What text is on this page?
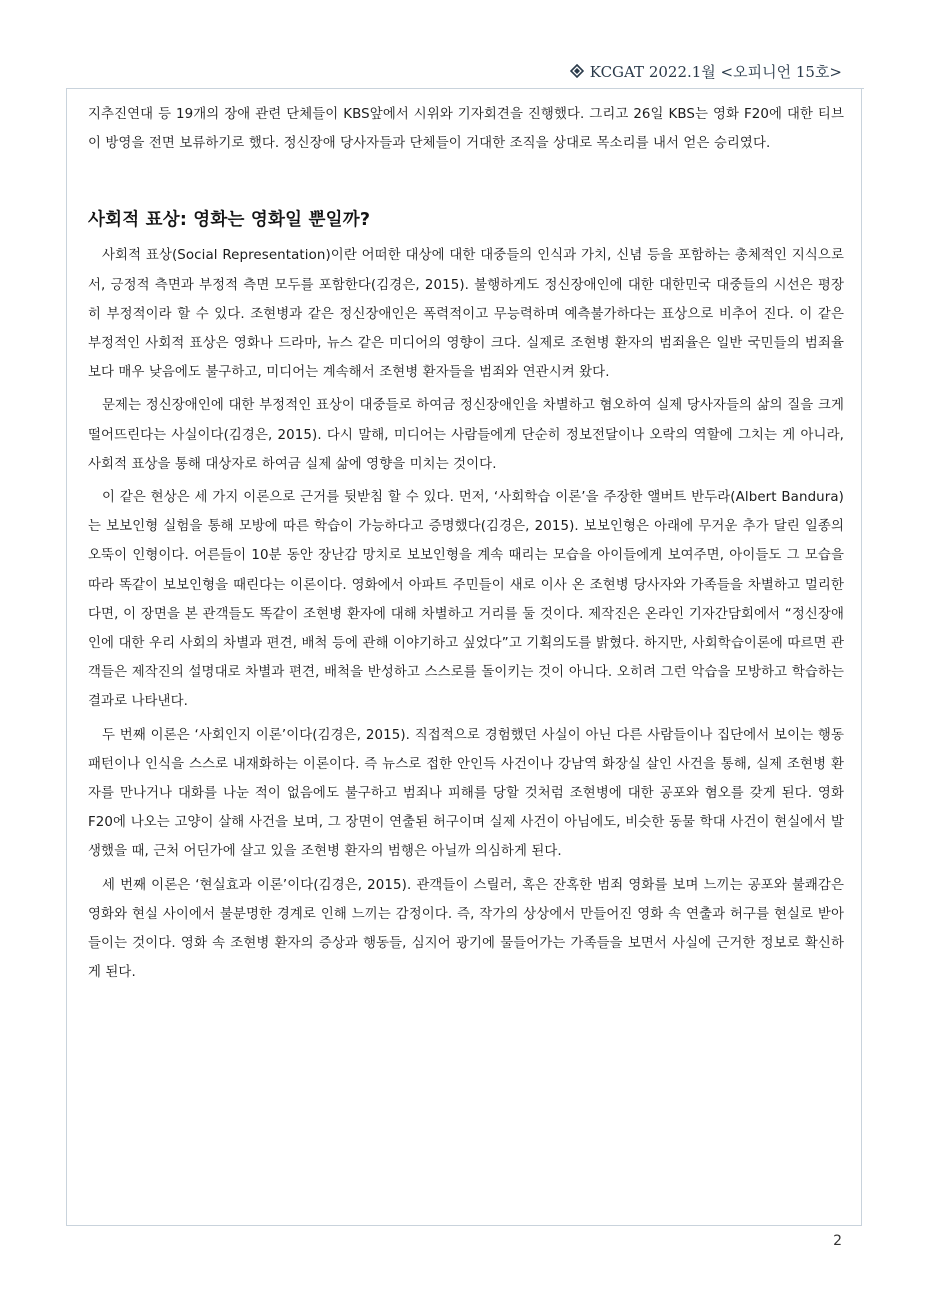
KCGAT 2022.1월 <오피니언 15호>

지추진연대 등 19개의 장애 관련 단체들이 KBS앞에서 시위와 기자회견을 진행했다. 그리고 26일 KBS는 영화 F20에 대한 티브이 방영을 전면 보류하기로 했다. 정신장애 당사자들과 단체들이 거대한 조직을 상대로 목소리를 내서 얻은 승리였다.

사회적 표상: 영화는 영화일 뿐일까?

사회적 표상(Social Representation)이란 어떠한 대상에 대한 대중들의 인식과 가치, 신념 등을 포함하는 총체적인 지식으로서, 긍정적 측면과 부정적 측면 모두를 포함한다(김경은, 2015). 불행하게도 정신장애인에 대한 대한민국 대중들의 시선은 평장히 부정적이라 할 수 있다. 조현병과 같은 정신장애인은 폭력적이고 무능력하며 예측불가하다는 표상으로 비추어 진다. 이 같은 부정적인 사회적 표상은 영화나 드라마, 뉴스 같은 미디어의 영향이 크다. 실제로 조현병 환자의 범죄율은 일반 국민들의 범죄율보다 매우 낮음에도 불구하고, 미디어는 계속해서 조현병 환자들을 범죄와 연관시켜 왔다.

문제는 정신장애인에 대한 부정적인 표상이 대중들로 하여금 정신장애인을 차별하고 혐오하여 실제 당사자들의 삶의 질을 크게 떨어뜨린다는 사실이다(김경은, 2015). 다시 말해, 미디어는 사람들에게 단순히 정보전달이나 오락의 역할에 그치는 게 아니라, 사회적 표상을 통해 대상자로 하여금 실제 삶에 영향을 미치는 것이다.

이 같은 현상은 세 가지 이론으로 근거를 뒷받침 할 수 있다. 먼저, ‘사회학습 이론’을 주장한 앨버트 반두라(Albert Bandura)는 보보인형 실험을 통해 모방에 따른 학습이 가능하다고 증명했다(김경은, 2015). 보보인형은 아래에 무거운 추가 달린 일종의 오뚝이 인형이다. 어른들이 10분 동안 장난감 망치로 보보인형을 계속 때리는 모습을 아이들에게 보여주면, 아이들도 그 모습을 따라 똑같이 보보인형을 때린다는 이론이다. 영화에서 아파트 주민들이 새로 이사 온 조현병 당사자와 가족들을 차별하고 멀리한다면, 이 장면을 본 관객들도 똑같이 조현병 환자에 대해 차별하고 거리를 둘 것이다. 제작진은 온라인 기자간담회에서 “정신장애인에 대한 우리 사회의 차별과 편견, 배척 등에 관해 이야기하고 싶었다”고 기획의도를 밝혔다. 하지만, 사회학습이론에 따르면 관객들은 제작진의 설명대로 차별과 편견, 배척을 반성하고 스스로를 돌이키는 것이 아니다. 오히려 그런 악습을 모방하고 학습하는 결과로 나타낸다.

두 번째 이론은 ‘사회인지 이론’이다(김경은, 2015). 직접적으로 경험했던 사실이 아닌 다른 사람들이나 집단에서 보이는 행동 패턴이나 인식을 스스로 내재화하는 이론이다. 즉 뉴스로 접한 안인득 사건이나 강남역 화장실 살인 사건을 통해, 실제 조현병 환자를 만나거나 대화를 나눈 적이 없음에도 불구하고 범죄나 피해를 당할 것처럼 조현병에 대한 공포와 혐오를 갖게 된다. 영화 F20에 나오는 고양이 살해 사건을 보며, 그 장면이 연출된 허구이며 실제 사건이 아님에도, 비슷한 동물 학대 사건이 현실에서 발생했을 때, 근처 어딘가에 살고 있을 조현병 환자의 범행은 아닐까 의심하게 된다.

세 번째 이론은 ‘현실효과 이론’이다(김경은, 2015). 관객들이 스릴러, 혹은 잔혹한 범죄 영화를 보며 느끼는 공포와 불쾌감은 영화와 현실 사이에서 불분명한 경계로 인해 느끼는 감정이다. 즉, 작가의 상상에서 만들어진 영화 속 연출과 허구를 현실로 받아들이는 것이다. 영화 속 조현병 환자의 증상과 행동들, 심지어 광기에 물들어가는 가족들을 보면서 사실에 근거한 정보로 확신하게 된다.

2
